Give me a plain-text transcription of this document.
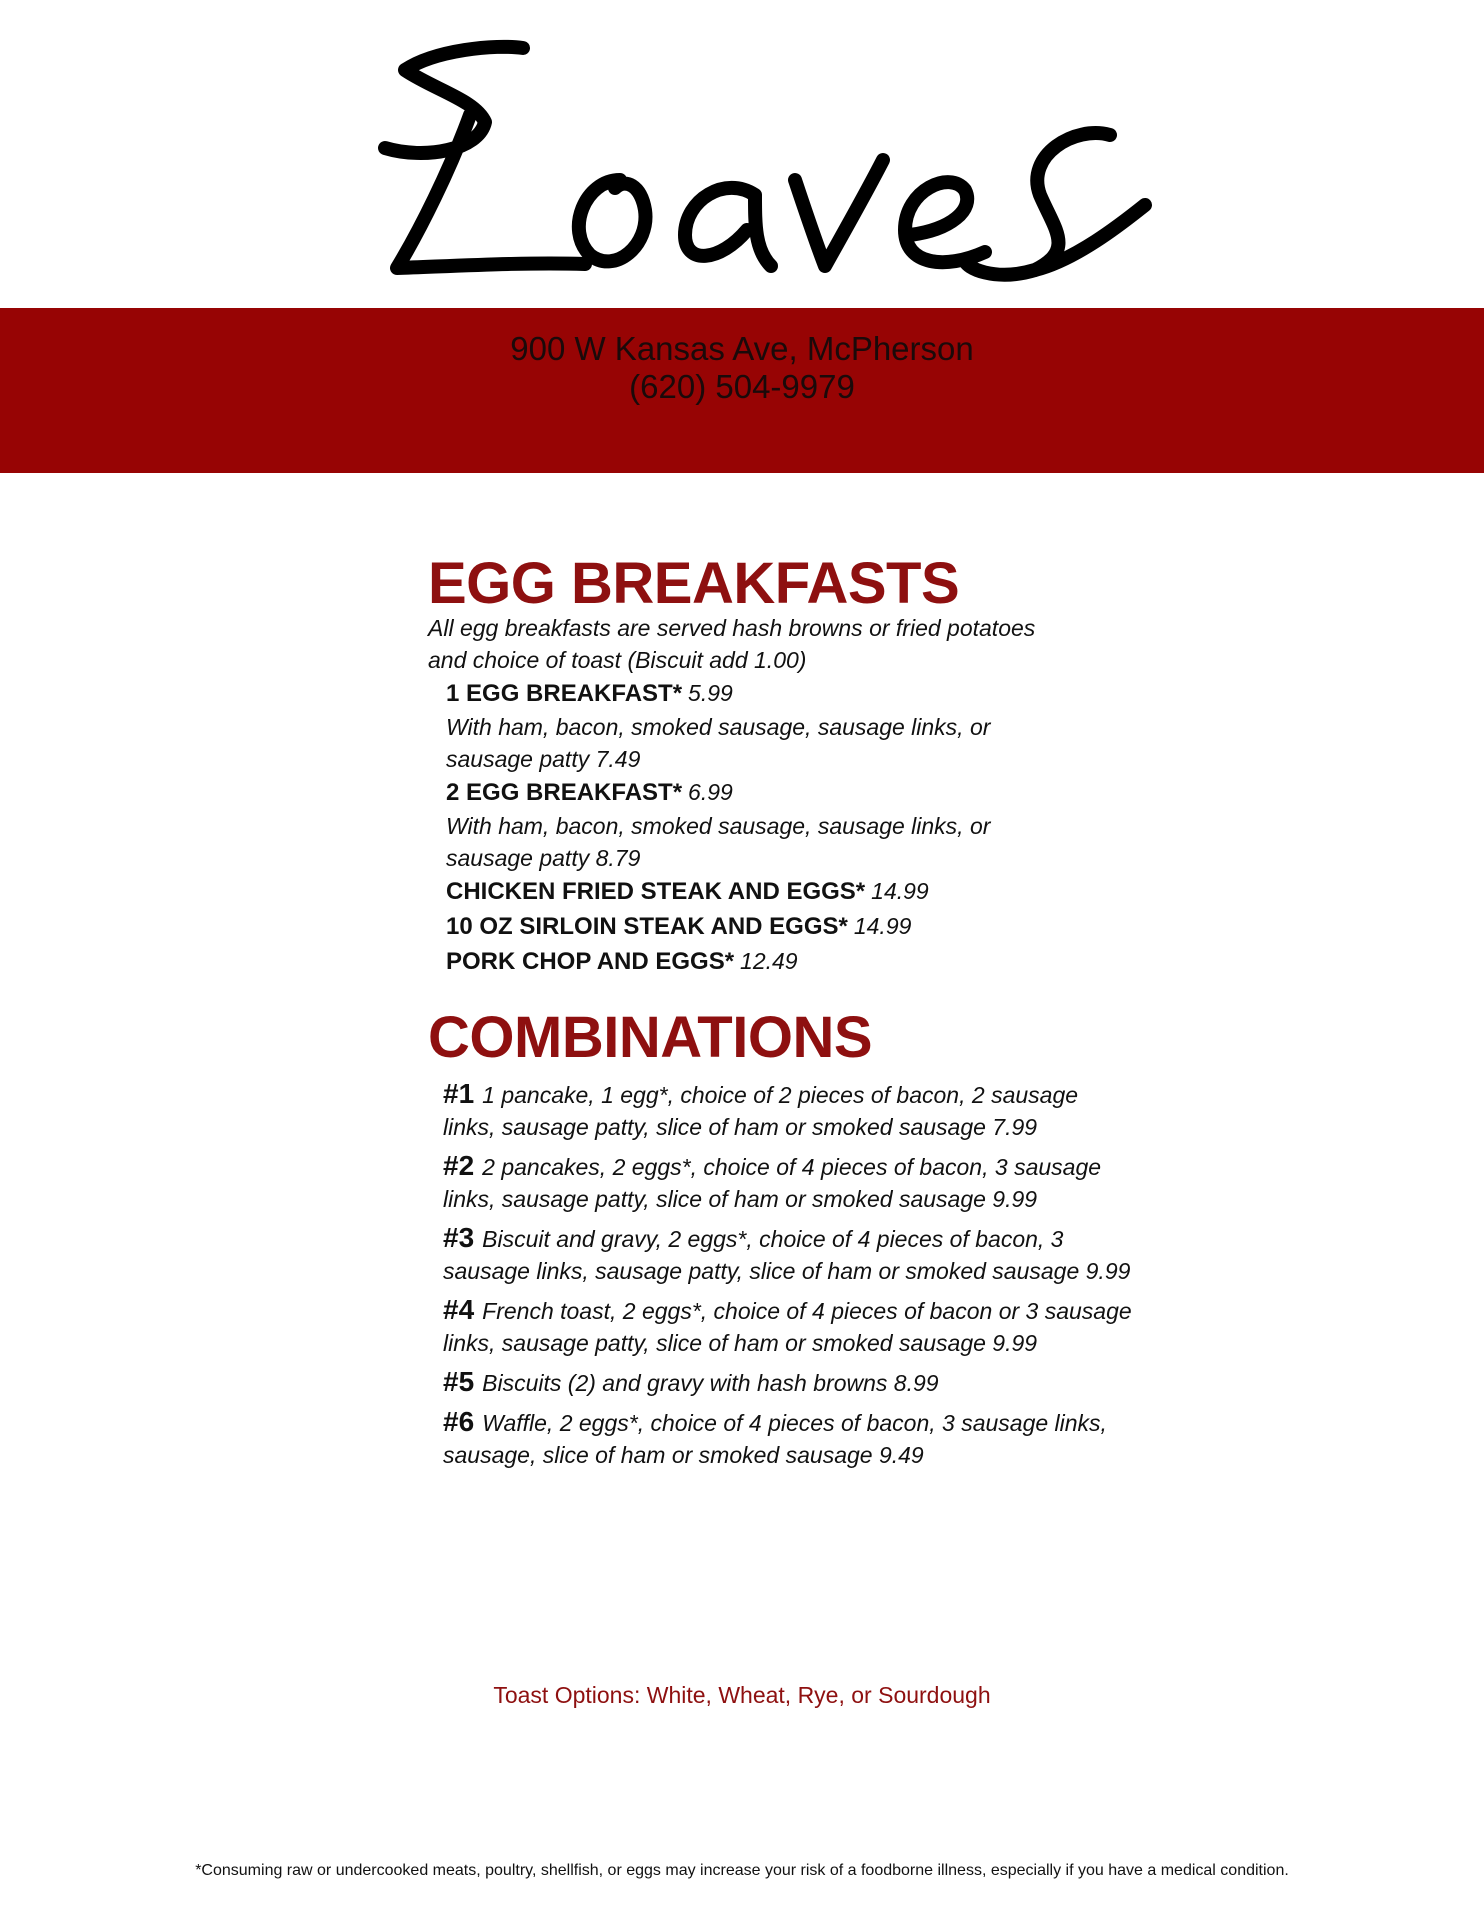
900 W Kansas Ave, McPherson
(620) 504-9979
EGG BREAKFASTS
All egg breakfasts are served hash browns or fried potatoes
and choice of toast (Biscuit add 1.00)
1 EGG BREAKFAST* 5.99
With ham, bacon, smoked sausage, sausage links, or
sausage patty 7.49
2 EGG BREAKFAST* 6.99
With ham, bacon, smoked sausage, sausage links, or
sausage patty 8.79
CHICKEN FRIED STEAK AND EGGS* 14.99
10 OZ SIRLOIN STEAK AND EGGS* 14.99
PORK CHOP AND EGGS* 12.49
COMBINATIONS
#1 1 pancake, 1 egg*, choice of 2 pieces of bacon, 2 sausage links, sausage patty, slice of ham or smoked sausage 7.99
#2 2 pancakes, 2 eggs*, choice of 4 pieces of bacon, 3 sausage links, sausage patty, slice of ham or smoked sausage 9.99
#3 Biscuit and gravy, 2 eggs*, choice of 4 pieces of bacon, 3 sausage links, sausage patty, slice of ham or smoked sausage 9.99
#4 French toast, 2 eggs*, choice of 4 pieces of bacon or 3 sausage links, sausage patty, slice of ham or smoked sausage 9.99
#5 Biscuits (2) and gravy with hash browns 8.99
#6 Waffle, 2 eggs*, choice of 4 pieces of bacon, 3 sausage links, sausage, slice of ham or smoked sausage 9.49
Toast Options: White, Wheat, Rye, or Sourdough
*Consuming raw or undercooked meats, poultry, shellfish, or eggs may increase your risk of a foodborne illness, especially if you have a medical condition.
